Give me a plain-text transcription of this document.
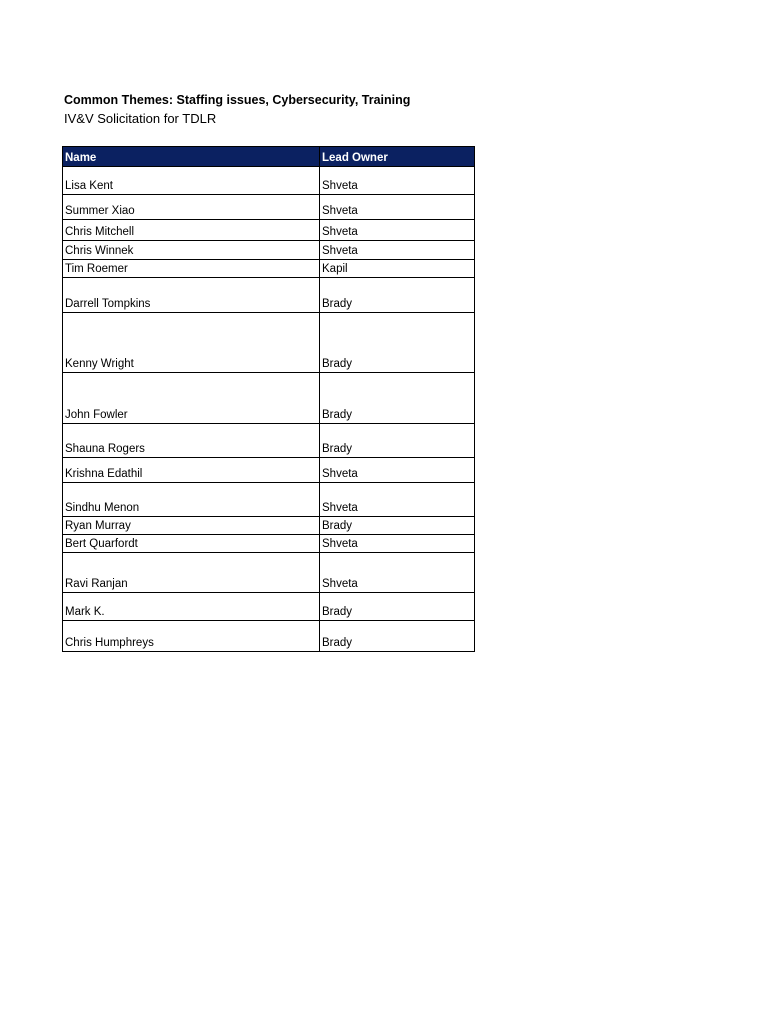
Common Themes: Staffing issues, Cybersecurity, Training
IV&V Solicitation for TDLR
Name	Lead Owner
Lisa Kent	Shveta
Summer Xiao	Shveta
Chris Mitchell	Shveta
Chris Winnek	Shveta
Tim Roemer	Kapil
Darrell Tompkins	Brady
Kenny Wright	Brady
John Fowler	Brady
Shauna Rogers	Brady
Krishna Edathil	Shveta
Sindhu Menon	Shveta
Ryan Murray	Brady
Bert Quarfordt	Shveta
Ravi Ranjan	Shveta
Mark K.	Brady
Chris Humphreys	Brady
